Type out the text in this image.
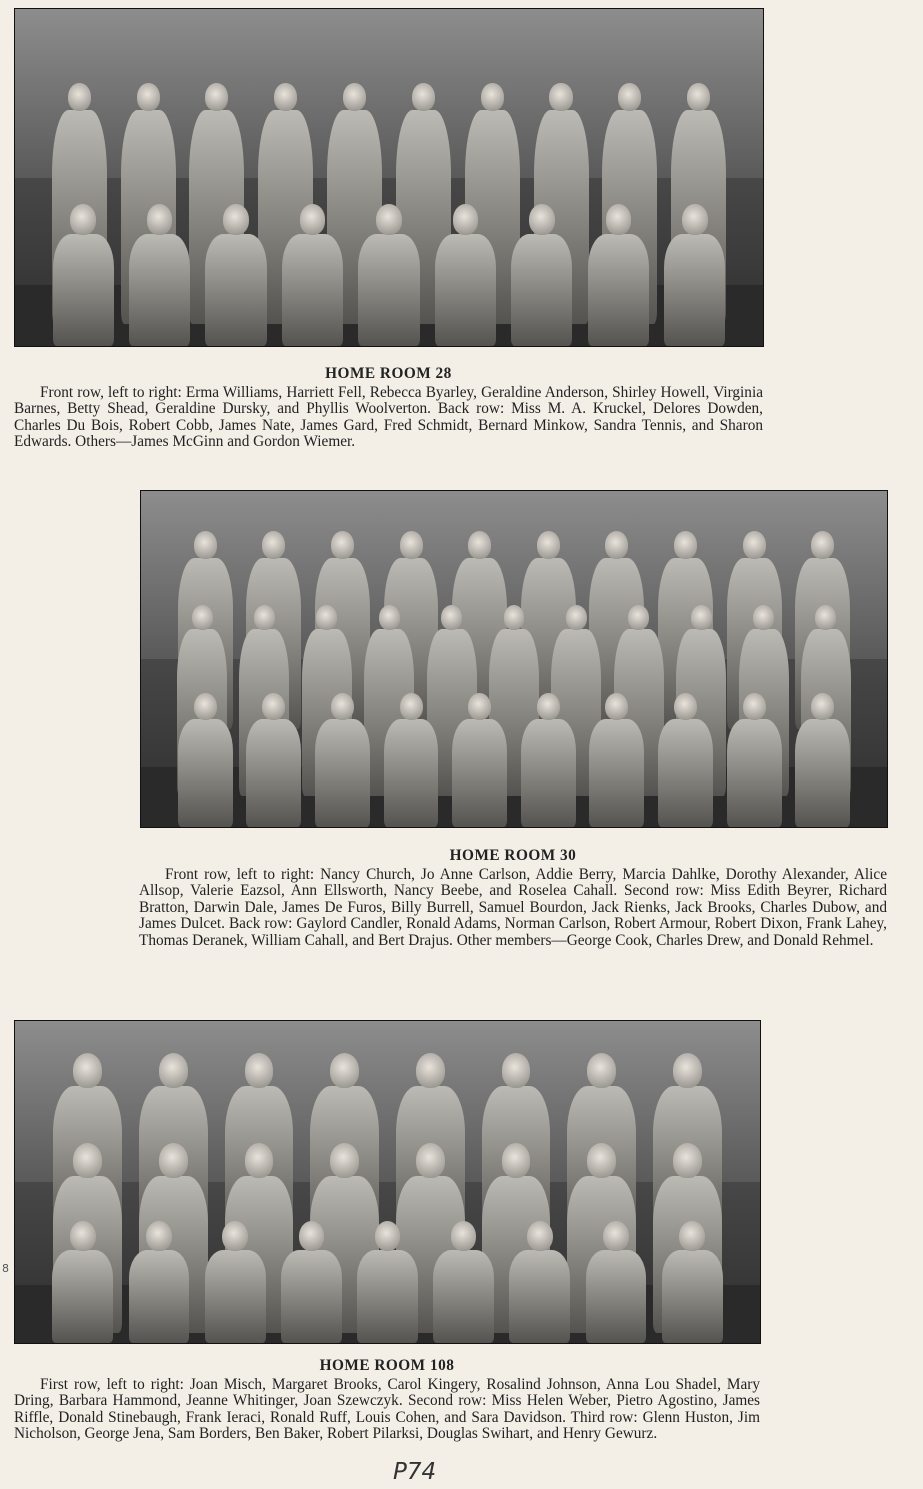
HOME ROOM 28
Front row, left to right: Erma Williams, Harriett Fell, Rebecca Byarley, Geraldine Anderson, Shirley Howell, Virginia Barnes, Betty Shead, Geraldine Dursky, and Phyllis Woolverton. Back row: Miss M. A. Kruckel, Delores Dowden, Charles Du Bois, Robert Cobb, James Nate, James Gard, Fred Schmidt, Bernard Minkow, Sandra Tennis, and Sharon Edwards. Others—James McGinn and Gordon Wiemer.
HOME ROOM 30
Front row, left to right: Nancy Church, Jo Anne Carlson, Addie Berry, Marcia Dahlke, Dorothy Alexander, Alice Allsop, Valerie Eazsol, Ann Ellsworth, Nancy Beebe, and Roselea Cahall. Second row: Miss Edith Beyrer, Richard Bratton, Darwin Dale, James De Furos, Billy Burrell, Samuel Bourdon, Jack Rienks, Jack Brooks, Charles Dubow, and James Dulcet. Back row: Gaylord Candler, Ronald Adams, Norman Carlson, Robert Armour, Robert Dixon, Frank Lahey, Thomas Deranek, William Cahall, and Bert Drajus. Other members—George Cook, Charles Drew, and Donald Rehmel.
HOME ROOM 108
First row, left to right: Joan Misch, Margaret Brooks, Carol Kingery, Rosalind Johnson, Anna Lou Shadel, Mary Dring, Barbara Hammond, Jeanne Whitinger, Joan Szewczyk. Second row: Miss Helen Weber, Pietro Agostino, James Riffle, Donald Stinebaugh, Frank Ieraci, Ronald Ruff, Louis Cohen, and Sara Davidson. Third row: Glenn Huston, Jim Nicholson, George Jena, Sam Borders, Ben Baker, Robert Pilarksi, Douglas Swihart, and Henry Gewurz.
8
P74
